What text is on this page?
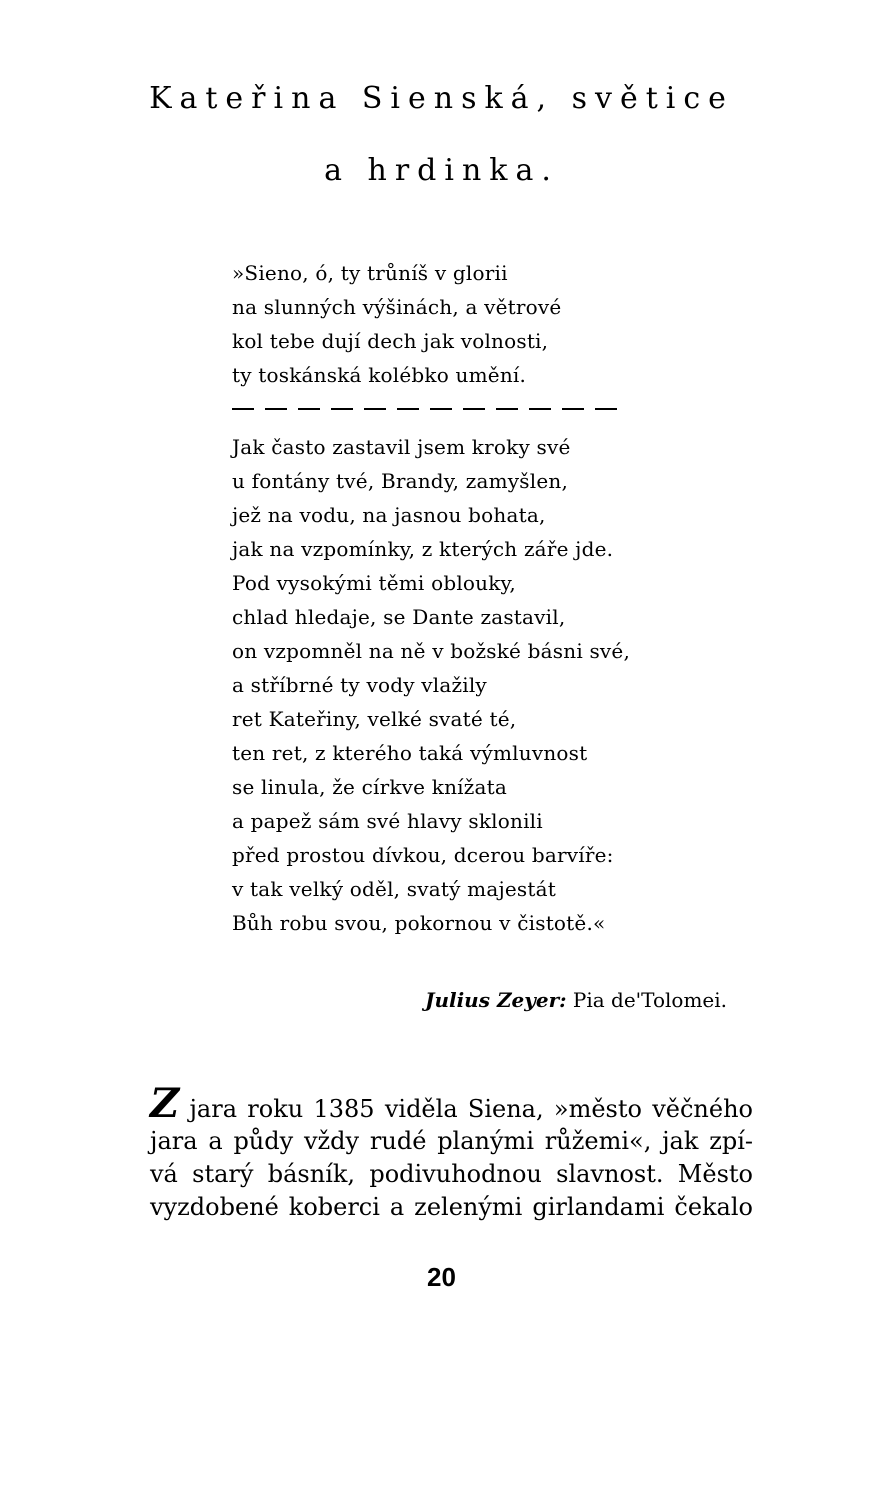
Kateřina Sienská, světice
a hrdinka.
»Sieno, ó, ty trůníš v glorii
na slunných výšinách, a větrové
kol tebe dují dech jak volnosti,
ty toskánská kolébko umění.
Jak často zastavil jsem kroky své
u fontány tvé, Brandy, zamyšlen,
jež na vodu, na jasnou bohata,
jak na vzpomínky, z kterých záře jde.
Pod vysokými těmi oblouky,
chlad hledaje, se Dante zastavil,
on vzpomněl na ně v božské básni své,
a stříbrné ty vody vlažily
ret Kateřiny, velké svaté té,
ten ret, z kterého taká výmluvnost
se linula, že církve knížata
a papež sám své hlavy sklonili
před prostou dívkou, dcerou barvíře:
v tak velký oděl, svatý majestát
Bůh robu svou, pokornou v čistotě.«
Julius Zeyer: Pia de'Tolomei.
Z jara roku 1385 viděla Siena, »město věčného
jara a půdy vždy rudé planými růžemi«, jak zpí-
vá starý básník, podivuhodnou slavnost. Město
vyzdobené koberci a zelenými girlandami čekalo
20
